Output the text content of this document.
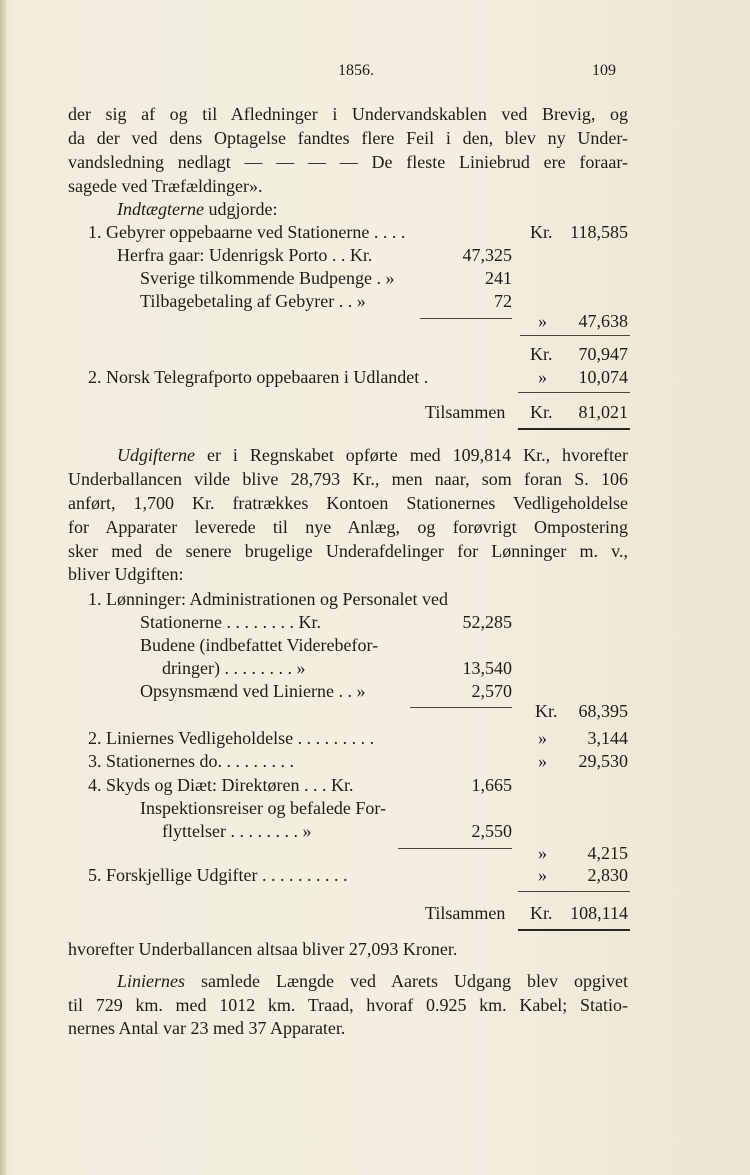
1856.	109
der sig af og til Afledninger i Undervandskablen ved Brevig, og
da der ved dens Optagelse fandtes flere Feil i den, blev ny Under-
vandsledning nedlagt — — — — De fleste Liniebrud ere foraar-
sagede ved Træfældinger».
Indtægterne udgjorde:
1. Gebyrer oppebaarne ved Stationerne . . . .	Kr. 118,585
Herfra gaar: Udenrigsk Porto . . Kr.	47,325
Sverige tilkommende Budpenge . »	241
Tilbagebetaling af Gebyrer . . »	72
»	47,638
Kr.	70,947
2. Norsk Telegrafporto oppebaaren i Udlandet .	»	10,074
Tilsammen Kr.	81,021
Udgifterne er i Regnskabet opførte med 109,814 Kr., hvorefter
Underballancen vilde blive 28,793 Kr., men naar, som foran S. 106
anført, 1,700 Kr. fratrækkes Kontoen Stationernes Vedligeholdelse
for Apparater leverede til nye Anlæg, og forøvrigt Ompostering
sker med de senere brugelige Underafdelinger for Lønninger m. v.,
bliver Udgiften:
1. Lønninger: Administrationen og Personalet ved
Stationerne . . . . . . . . Kr.	52,285
Budene (indbefattet Viderebefor-
dringer) . . . . . . . . »	13,540
Opsynsmænd ved Linierne . . »	2,570
Kr.	68,395
2. Liniernes Vedligeholdelse . . . . . . . . .	»	3,144
3. Stationernes do. . . . . . . . .	»	29,530
4. Skyds og Diæt: Direktøren . . . Kr.	1,665
Inspektionsreiser og befalede For-
flyttelser . . . . . . . . »	2,550
»	4,215
5. Forskjellige Udgifter . . . . . . . . . .	»	2,830
Tilsammen Kr. 108,114
hvorefter Underballancen altsaa bliver 27,093 Kroner.
Liniernes samlede Længde ved Aarets Udgang blev opgivet
til 729 km. med 1012 km. Traad, hvoraf 0.925 km. Kabel; Statio-
nernes Antal var 23 med 37 Apparater.
